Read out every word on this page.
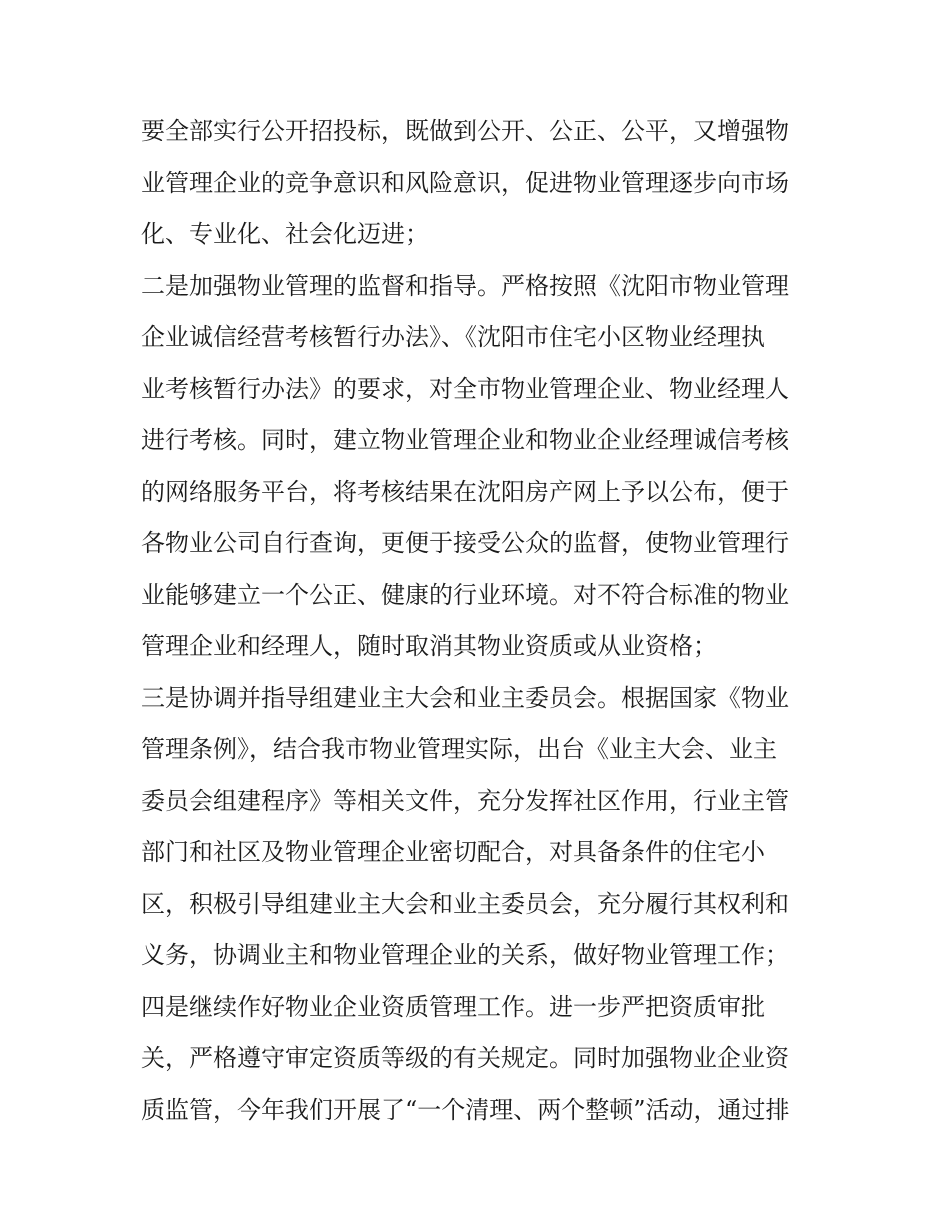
要全部实行公开招投标，既做到公开、公正、公平，又增强物
业管理企业的竞争意识和风险意识，促进物业管理逐步向市场
化、专业化、社会化迈进；
二是加强物业管理的监督和指导。严格按照《沈阳市物业管理
企业诚信经营考核暂行办法》、《沈阳市住宅小区物业经理执
业考核暂行办法》的要求，对全市物业管理企业、物业经理人
进行考核。同时，建立物业管理企业和物业企业经理诚信考核
的网络服务平台，将考核结果在沈阳房产网上予以公布，便于
各物业公司自行查询，更便于接受公众的监督，使物业管理行
业能够建立一个公正、健康的行业环境。对不符合标准的物业
管理企业和经理人，随时取消其物业资质或从业资格；
三是协调并指导组建业主大会和业主委员会。根据国家《物业
管理条例》，结合我市物业管理实际，出台《业主大会、业主
委员会组建程序》等相关文件，充分发挥社区作用，行业主管
部门和社区及物业管理企业密切配合，对具备条件的住宅小
区，积极引导组建业主大会和业主委员会，充分履行其权利和
义务，协调业主和物业管理企业的关系，做好物业管理工作；
四是继续作好物业企业资质管理工作。进一步严把资质审批
关，严格遵守审定资质等级的有关规定。同时加强物业企业资
质监管，今年我们开展了“一个清理、两个整顿”活动，通过排
